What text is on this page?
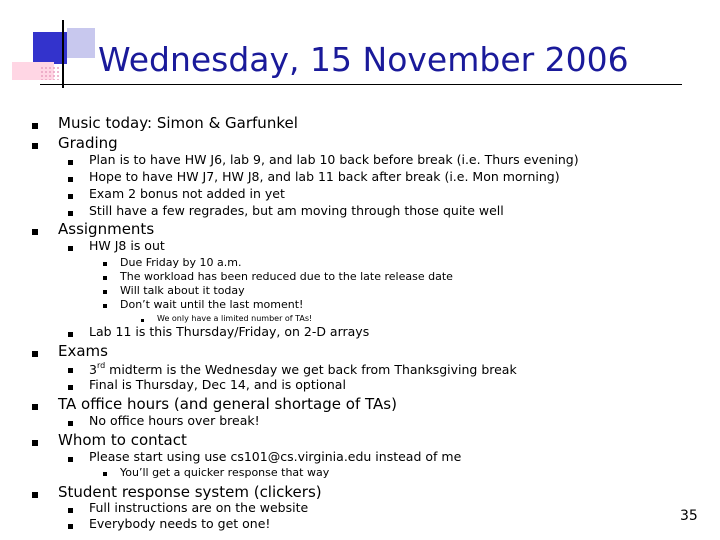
Wednesday, 15 November 2006
Music today: Simon & Garfunkel
Grading
Plan is to have HW J6, lab 9, and lab 10 back before break (i.e. Thurs evening)
Hope to have HW J7, HW J8, and lab 11 back after break (i.e. Mon morning)
Exam 2 bonus not added in yet
Still have a few regrades, but am moving through those quite well
Assignments
HW J8 is out
Due Friday by 10 a.m.
The workload has been reduced due to the late release date
Will talk about it today
Don’t wait until the last moment!
We only have a limited number of TAs!
Lab 11 is this Thursday/Friday, on 2-D arrays
Exams
3rd midterm is the Wednesday we get back from Thanksgiving break
Final is Thursday, Dec 14, and is optional
TA office hours (and general shortage of TAs)
No office hours over break!
Whom to contact
Please start using use cs101@cs.virginia.edu instead of me
You’ll get a quicker response that way
Student response system (clickers)
Full instructions are on the website
Everybody needs to get one!	35
